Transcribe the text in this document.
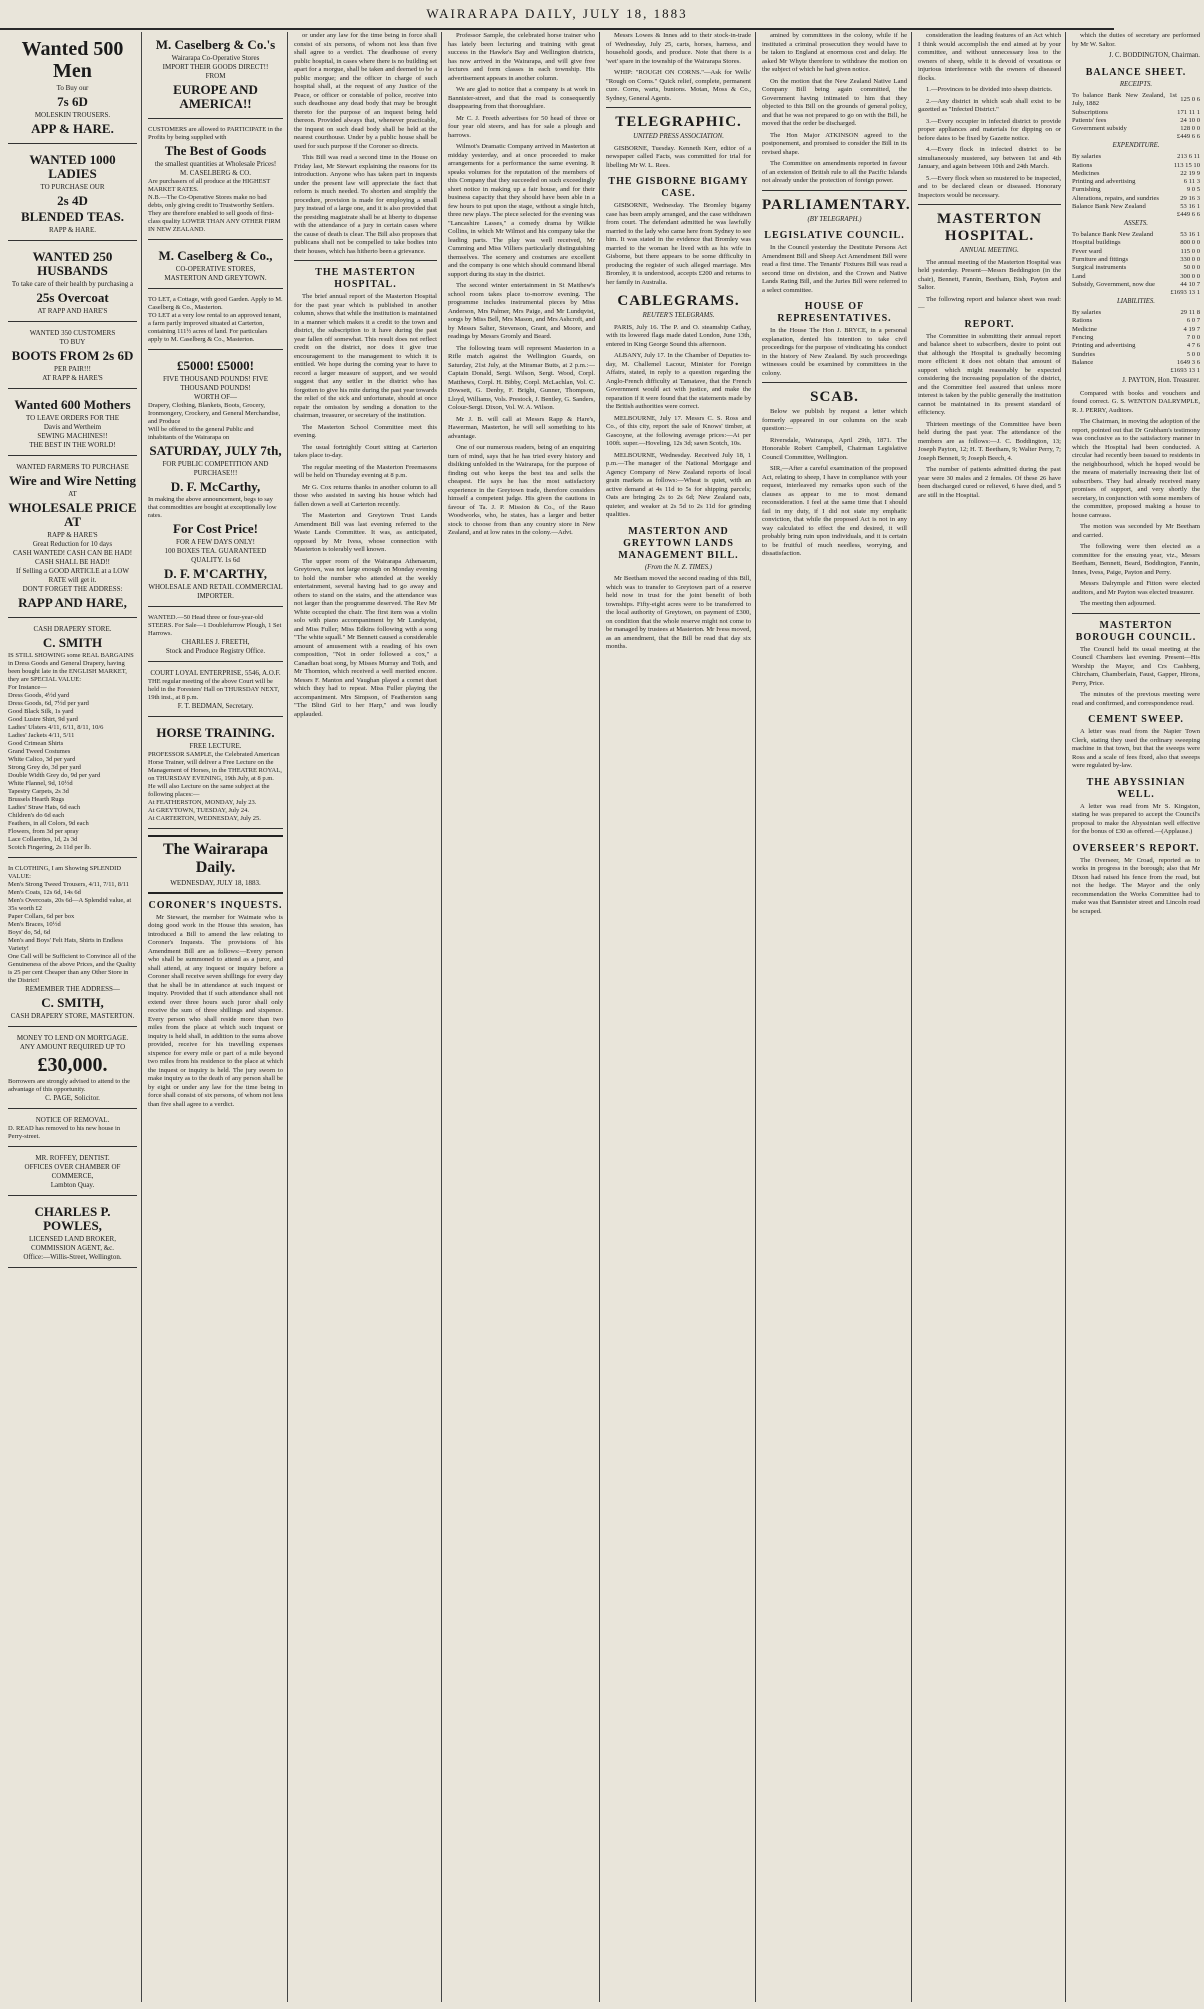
WAIRARAPA DAILY, JULY 18, 1883
Wanted 500 Men
To Buy our
7s 6D
MOLESKIN TROUSERS.
APP & HARE.
WANTED 1000 LADIES
TO PURCHASE OUR
2s 4D
BLENDED TEAS.
RAPP & HARE.
WANTED 250 HUSBANDS
To take care of their health by purchasing a
25s Overcoat
AT RAPP AND HARE'S
WANTED 350 CUSTOMERS
TO BUY
BOOTS FROM 2s 6D
PER PAIR!!!
AT RAPP & HARE'S
Wanted 600 Mothers
TO LEAVE ORDERS FOR THE
Davis and Wertheim
SEWING MACHINES!!
THE BEST IN THE WORLD!
WANTED FARMERS TO PURCHASE
Wire and Wire Netting
AT
WHOLESALE PRICE AT
RAPP & HARE'S
Great Reduction for 10 days
CASH WANTED! CASH CAN BE HAD!
CASH SHALL BE HAD!!
If Selling a GOOD ARTICLE at a LOW RATE will get it.
DON'T FORGET THE ADDRESS:
RAPP AND HARE,
CASH DRAPERY STORE.
C. SMITH
IS STILL SHOWING some REAL BARGAINS in Dress Goods and General Drapery, having been bought late in the ENGLISH MARKET, they are SPECIAL VALUE:
For Instance—
Dress Goods, 4½d yard
Dress Goods, 6d, 7½d per yard
Good Black Silk, 1s yard
Good Lustre Shirt, 9d yard
Ladies' Ulsters 4/11, 6/11, 8/11, 10/6
Ladies' Jackets 4/11, 5/11
Good Crimean Shirts
Grand Tweed Costumes
White Calico, 3d per yard
Strong Grey do, 3d per yard
Double Width Grey do, 9d per yard
White Flannel, 9d, 10½d
Tapestry Carpets, 2s 3d
Brussels Hearth Rugs
Ladies' Straw Hats, 6d each
Children's do 6d each
Feathers, in all Colors, 9d each
Flowers, from 3d per spray
Lace Collarettes, 1d, 2s 3d
Scotch Fingering, 2s 11d per lb.
In CLOTHING, I am Showing SPLENDID VALUE:
Men's Strong Tweed Trousers, 4/11, 7/11, 8/11
Men's Coats, 12s 6d, 14s 6d
Men's Overcoats, 20s 6d—A Splendid value, at 35s worth £2
Paper Collars, 6d per box
Men's Braces, 10½d
Boys' do, 5d, 6d
Men's and Boys' Felt Hats, Shirts in Endless Variety!
One Call will be Sufficient to Convince all of the Genuineness of the above Prices, and the Quality is 25 per cent Cheaper than any Other Store in the District!
REMEMBER THE ADDRESS—
C. SMITH,
CASH DRAPERY STORE, MASTERTON.
MONEY TO LEND ON MORTGAGE.
ANY AMOUNT REQUIRED UP TO
£30,000.
Borrowers are strongly advised to attend to the advantage of this opportunity.
C. PAGE, Solicitor.
NOTICE OF REMOVAL.
D. READ has removed to his new house in Perry-street.
MR. ROFFEY, DENTIST.
OFFICES OVER CHAMBER OF COMMERCE,
Lambton Quay.
CHARLES P. POWLES,
LICENSED LAND BROKER,
COMMISSION AGENT, &c.
Office:—Willis-Street, Wellington.
M. Caselberg & Co.'s
Wairarapa Co-Operative Stores
IMPORT THEIR GOODS DIRECT!!
FROM
EUROPE AND AMERICA!!
CUSTOMERS are allowed to PARTICIPATE in the Profits by being supplied with
The Best of Goods
the smallest quantities at Wholesale Prices!
M. CASELBERG & CO.
Are purchasers of all produce at the HIGHEST MARKET RATES.
N.B.—The Co-Operative Stores make no bad debts, only giving credit to Trustworthy Settlers. They are therefore enabled to sell goods of first-class quality LOWER THAN ANY OTHER FIRM IN NEW ZEALAND.
M. Caselberg & Co.,
CO-OPERATIVE STORES,
MASTERTON AND GREYTOWN.
TO LET, a Cottage, with good Garden. Apply to M. Caselberg & Co., Masterton.
TO LET at a very low rental to an approved tenant, a farm partly improved situated at Carterton, containing 111½ acres of land. For particulars apply to M. Caselberg & Co., Masterton.
£5000! £5000!
FIVE THOUSAND POUNDS! FIVE THOUSAND POUNDS!
WORTH OF—
Drapery, Clothing, Blankets, Boots, Grocery, Ironmongery, Crockery, and General Merchandise, and Produce
Will be offered to the general Public and inhabitants of the Wairarapa on
SATURDAY, JULY 7th,
FOR PUBLIC COMPETITION AND PURCHASE!!!
D. F. McCarthy,
In making the above announcement, begs to say that commodities are bought at exceptionally low rates.
For Cost Price!
FOR A FEW DAYS ONLY!
100 BOXES TEA. GUARANTEED QUALITY. 1s 6d
D. F. M'CARTHY,
WHOLESALE AND RETAIL COMMERCIAL IMPORTER.
WANTED.—50 Head three or four-year-old STEERS. For Sale—1 Doublefurrow Plough, 1 Set Harrows.
CHARLES J. FREETH,
Stock and Produce Registry Office.
COURT LOYAL ENTERPRISE, 5546, A.O.F.
THE regular meeting of the above Court will be held in the Foresters' Hall on THURSDAY NEXT, 19th inst., at 8 p.m.
F. T. BEDMAN, Secretary.
HORSE TRAINING.
FREE LECTURE.
PROFESSOR SAMPLE, the Celebrated American Horse Trainer, will deliver a Free Lecture on the Management of Horses, in the THEATRE ROYAL, on THURSDAY EVENING, 19th July, at 8 p.m.
He will also Lecture on the same subject at the following places:—
At FEATHERSTON, MONDAY, July 23.
At GREYTOWN, TUESDAY, July 24.
At CARTERTON, WEDNESDAY, July 25.
The Wairarapa Daily.
WEDNESDAY, JULY 18, 1883.
CORONER'S INQUESTS.

Mr Stewart, the member for Waimate who is doing good work in the House this session, has introduced a Bill to amend the law relating to Coroner's Inquests. The provisions of his Amendment Bill are as follows:—Every person who shall be summoned to attend as a juror, and shall attend, at any inquest or inquiry before a Coroner shall receive seven shillings for every day that he shall be in attendance at such inquest or inquiry. Provided that if such attendance shall not extend over three hours such juror shall only receive the sum of three shillings and sixpence. Every person who shall reside more than two miles from the place at which such inquest or inquiry is held shall, in addition to the sums above provided, receive for his travelling expenses sixpence for every mile or part of a mile beyond two miles from his residence to the place at which the inquest or inquiry is held. The jury sworn to make inquiry as to the death of any person shall be by eight or under any law for the time being in force shall consist of six persons, of whom not less than five shall agree to a verdict.

or under any law for the time being in force shall consist of six persons, of whom not less than five shall agree to a verdict. The deadhouse of every public hospital, in cases where there is no building set apart for a morgue, shall be taken and deemed to be a public morgue; and the officer in charge of such hospital shall, at the request of any Justice of the Peace, or officer or constable of police, receive into such deadhouse any dead body that may be brought thereto for the purpose of an inquest being held thereon. Provided always that, whenever practicable, the inquest on such dead body shall be held at the nearest courthouse. Under by a public house shall be used for such purpose if the Coroner so directs.

This Bill was read a second time in the House on Friday last, Mr Stewart explaining the reasons for its introduction. Anyone who has taken part in inquests under the present law will appreciate the fact that reform is much needed. To shorten and simplify the procedure, provision is made for employing a small jury instead of a large one, and it is also provided that the presiding magistrate shall be at liberty to dispense with the attendance of a jury in certain cases where the cause of death is clear. The Bill also proposes that publicans shall not be compelled to take bodies into their houses, which has hitherto been a grievance.

THE MASTERTON HOSPITAL.

The brief annual report of the Masterton Hospital for the past year which is published in another column, shows that while the institution is maintained in a manner which makes it a credit to the town and district, the subscription to it have during the past year fallen off somewhat. This result does not reflect credit on the district, nor does it give true encouragement to the management to which it is entitled. We hope during the coming year to have to record a larger measure of support, and we would suggest that any settler in the district who has forgotten to give his mite during the past year towards the relief of the sick and unfortunate, should at once repair the omission by sending a donation to the chairman, treasurer, or secretary of the institution.

The Masterton School Committee meet this evening.

The usual fortnightly Court sitting at Carterton takes place to-day.

The regular meeting of the Masterton Freemasons will be held on Thursday evening at 8 p.m.

Mr G. Cox returns thanks in another column to all those who assisted in saving his house which had fallen down a well at Carterton recently.

The Masterton and Greytown Trust Lands Amendment Bill was last evening referred to the Waste Lands Committee. It was, as anticipated, opposed by Mr Ivess, whose connection with Masterton is tolerably well known.

The upper room of the Wairarapa Athenaeum, Greytown, was not large enough on Monday evening to hold the number who attended at the weekly entertainment, several having had to go away and others to stand on the stairs, and the attendance was not larger than the programme deserved. The Rev Mr White occupied the chair. The first item was a violin solo with piano accompaniment by Mr Lundqvist, and Miss Fuller; Miss Edkins following with a song "The white squall." Mr Bennett caused a considerable amount of amusement with a reading of his own composition, "Not in order followed a cox," a Canadian boat song, by Misses Murray and Toth, and Mr Thornton, which received a well merited encore. Messrs F. Manton and Vaughan played a cornet duet which they had to repeat. Miss Fuller playing the accompaniment. Mrs Simpson, of Featherston sang "The Blind Girl to her Harp," and was loudly applauded.

Professor Sample, the celebrated horse trainer who has lately been lecturing and training with great success in the Hawke's Bay and Wellington districts, has now arrived in the Wairarapa, and will give free lectures and form classes in each township. His advertisement appears in another column.

We are glad to notice that a company is at work in Bannister-street, and that the road is consequently disappearing from that thoroughfare.

Mr C. J. Freeth advertises for 50 head of three or four year old steers, and has for sale a plough and harrows.

Wilmot's Dramatic Company arrived in Masterton at midday yesterday, and at once proceeded to make arrangements for a performance the same evening. It speaks volumes for the reputation of the members of this Company that they succeeded on such exceedingly short notice in making up a fair house, and for their business capacity that they should have been able in a few hours to put upon the stage, without a single hitch, three new plays. The piece selected for the evening was "Lancashire Lasses," a comedy drama by Wilkie Collins, in which Mr Wilmot and his company take the leading parts. The play was well received, Mr Cumming and Miss Villiers particularly distinguishing themselves. The scenery and costumes are excellent and the company is one which should command liberal support during its stay in the district.

The second winter entertainment in St Matthew's school room takes place to-morrow evening. The programme includes instrumental pieces by Miss Anderson, Mrs Palmer, Mrs Paige, and Mr Lundqvist, songs by Miss Bell, Mrs Mason, and Mrs Ashcroft, and by Messrs Salter, Stevenson, Grant, and Moore, and readings by Messrs Gromly and Beard.

The following team will represent Masterton in a Rifle match against the Wellington Guards, on Saturday, 21st July, at the Miramar Butts, at 2 p.m.:—Captain Donald, Sergt. Wilson, Sergt. Wood, Corpl. Matthews, Corpl. H. Bibby, Corpl. McLachlan, Vol. C. Dowsett, G. Denby, F. Bright, Gunner, Thompson, Lloyd, Williams, Vols. Prestock, J. Bentley, G. Sanders, Colour-Sergt. Dixon, Vol. W. A. Wilson.

Mr J. B. will call at Messrs Rapp & Hare's, Hawerman, Masterton, he will sell something to his advantage.

One of our numerous readers, being of an enquiring turn of mind, says that he has tried every history and disliking unfolded in the Wairarapa, for the purpose of finding out who keeps the best tea and sells the cheapest. He says he has the most satisfactory experience in the Greytown trade, therefore considers himself a competent judge. His given the cautions in favour of Ta. J. P. Mission & Co., of the Rauo Woodworks, who, he states, has a larger and better stock to choose from than any country store in New Zealand, and at low rates in the colony.—Advt.

Messrs Lowes & Innes add to their stock-in-trade of Wednesday, July 25, carts, horses, harness, and household goods, and produce. Note that there is a 'wet' spare in the township of the Wairarapa Stores.

WHIP: "ROUGH ON CORNS."—Ask for Wells' "Rough on Corns." Quick relief, complete, permanent cure. Corns, warts, bunions. Motan, Moss & Co., Sydney, General Agents.

TELEGRAPHIC.
UNITED PRESS ASSOCIATION.

GISBORNE, Tuesday. Kenneth Kerr, editor of a newspaper called Facts, was committed for trial for libelling Mr W. L. Rees.

THE GISBORNE BIGAMY CASE.

GISBORNE, Wednesday. The Bromley bigamy case has been amply arranged, and the case withdrawn from court. The defendant admitted he was lawfully married to the lady who came here from Sydney to see him. It was stated in the evidence that Bromley was married to the woman he lived with as his wife in Gisborne, but there appears to be some difficulty in producing the register of such alleged marriage. Mrs Bromley, it is understood, accepts £200 and returns to her family in Australia.

CABLEGRAMS.
REUTER'S TELEGRAMS.

PARIS, July 16. The P. and O. steamship Cathay, with its lowered flags made dated London, June 13th, entered in King George Sound this afternoon.

ALBANY, July 17. In the Chamber of Deputies to-day, M. Challemel Lacour, Minister for Foreign Affairs, stated, in reply to a question regarding the Anglo-French difficulty at Tamatave, that the French Government would act with justice, and make the reparation if it were found that the statements made by the British authorities were correct.

MELBOURNE, July 17. Messrs C. S. Ross and Co., of this city, report the sale of Knows' timber, at Gascoyne, at the following average prices:—At per 100ft. super.—Hoveling, 12s 3d; sawn Scotch, 10s.

MELBOURNE, Wednesday. Received July 18, 1 p.m.—The manager of the National Mortgage and Agency Company of New Zealand reports of local grain markets as follows:—Wheat is quiet, with an active demand at 4s 11d to 5s for shipping parcels; Oats are bringing 2s to 2s 6d; New Zealand oats, quieter, and weaker at 2s 5d to 2s 11d for grinding qualities.

MASTERTON AND GREYTOWN LANDS MANAGEMENT BILL.
(From the N. Z. TIMES.)

Mr Beetham moved the second reading of this Bill, which was to transfer to Greytown part of a reserve held now in trust for the joint benefit of both townships. Fifty-eight acres were to be transferred to the local authority of Greytown, on payment of £300, on condition that the whole reserve might not come to be managed by trustees at Masterton. Mr Ivess moved, as an amendment, that the Bill be read that day six months.

amined by committees in the colony, while if he instituted a criminal prosecution they would have to be taken to England at enormous cost and delay. He asked Mr Whyte therefore to withdraw the motion on the subject of which he had given notice.

On the motion that the New Zealand Native Land Company Bill being again committed, the Government having intimated to him that they objected to this Bill on the grounds of general policy, and that he was not prepared to go on with the Bill, he moved that the order be discharged.

The Hon Major ATKINSON agreed to the postponement, and promised to consider the Bill in its revised shape.

The Committee on amendments reported in favour of an extension of British rule to all the Pacific Islands not already under the protection of foreign power.

PARLIAMENTARY.
(BY TELEGRAPH.)
LEGISLATIVE COUNCIL.

In the Council yesterday the Destitute Persons Act Amendment Bill and Sheep Act Amendment Bill were read a first time. The Tenants' Fixtures Bill was read a second time on division, and the Crown and Native Lands Rating Bill, and the Juries Bill were referred to a select committee.

HOUSE OF REPRESENTATIVES.

In the House The Hon J. BRYCE, in a personal explanation, denied his intention to take civil proceedings for the purpose of vindicating his conduct in the history of New Zealand. By such proceedings witnesses could be examined by committees in the colony.

SCAB.

Below we publish by request a letter which formerly appeared in our columns on the scab question:—

Riversdale, Wairarapa, April 29th, 1871. The Honorable Robert Campbell, Chairman Legislative Council Committee, Wellington.

SIR,—After a careful examination of the proposed Act, relating to sheep, I have in compliance with your request, interleaved my remarks upon such of the clauses as appear to me to most demand reconsideration. I feel at the same time that I should fail in my duty, if I did not state my emphatic conviction, that while the proposed Act is not in any way calculated to effect the end desired, it will probably bring ruin upon individuals, and it is certain to be fruitful of much needless, worrying, and dissatisfaction.

consideration the leading features of an Act which I think would accomplish the end aimed at by your committee, and without unnecessary loss to the owners of sheep, while it is devoid of vexatious or injurious interference with the owners of diseased flocks.

1.—Provinces to be divided into sheep districts.

2.—Any district in which scab shall exist to be gazetted as "Infected District."

3.—Every occupier in infected district to provide proper appliances and materials for dipping on or before dates to be fixed by Gazette notice.

4.—Every flock in infected district to be simultaneously mustered, say between 1st and 4th January, and again between 10th and 24th March.

5.—Every flock when so mustered to be inspected, and to be declared clean or diseased. Honorary Inspectors would be necessary.

MASTERTON HOSPITAL.
ANNUAL MEETING.

The annual meeting of the Masterton Hospital was held yesterday. Present—Messrs Beddington (in the chair), Bennett, Fannin, Beetham, Bish, Payton and Saltor.

The following report and balance sheet was read:—

REPORT.

The Committee in submitting their annual report and balance sheet to subscribers, desire to point out that although the Hospital is gradually becoming more efficient it does not obtain that amount of support which might reasonably be expected considering the increasing population of the district, and the Committee feel assured that unless more interest is taken by the public generally the institution cannot be maintained in its present standard of efficiency.

Thirteen meetings of the Committee have been held during the past year. The attendance of the members are as follows:—J. C. Boddington, 13; Joseph Payton, 12; H. T. Beetham, 9; Walter Perry, 7; Joseph Bennett, 9; Joseph Beech, 4.

The number of patients admitted during the past year were 30 males and 2 females. Of these 26 have been discharged cured or relieved, 6 have died, and 5 are still in the Hospital.

which the duties of secretary are performed by Mr W. Saltor.

J. C. BODDINGTON, Chairman.
BALANCE SHEET.
RECEIPTS.
To balance Bank New Zealand, 1st July, 1882	125 0 6
Subscriptions	171 11 1
Patients' fees	24 10 0
Government subsidy	128 0 0
	£449 6 6
EXPENDITURE.
By salaries	213 6 11
Rations	113 15 10
Medicines	22 19 9
Printing and advertising	6 11 3
Furnishing	9 0 5
Alterations, repairs, and sundries	29 16 3
Balance Bank New Zealand	53 16 1
	£449 6 6
ASSETS.
To balance Bank New Zealand	53 16 1
Hospital buildings	800 0 0
Fever ward	115 0 0
Furniture and fittings	330 0 0
Surgical instruments	50 0 0
Land	300 0 0
Subsidy, Government, now due	44 10 7
	£1693 13 1
LIABILITIES.
By salaries	29 11 8
Rations	6 0 7
Medicine	4 19 7
Fencing	7 0 0
Printing and advertising	4 7 6
Sundries	5 0 0
Balance	1649 3 6
	£1693 13 1
J. PAYTON, Hon. Treasurer.

Compared with books and vouchers and found correct. G. S. WENTON DALRYMPLE, R. J. PERRY, Auditors.

The Chairman, in moving the adoption of the report, pointed out that Dr Grabham's testimony was conclusive as to the satisfactory manner in which the Hospital had been conducted. A circular had recently been issued to residents in the neighbourhood, which he hoped would be the means of materially increasing their list of subscribers. They had already received many promises of support, and very shortly the secretary, in conjunction with some members of the committee, proposed making a house to house canvass.

The motion was seconded by Mr Beetham and carried.

The following were then elected as a committee for the ensuing year, viz., Messrs Beetham, Bennett, Beard, Boddington, Fannin, Innes, Ivess, Paige, Payton and Perry.

Messrs Dalrymple and Fitton were elected auditors, and Mr Payton was elected treasurer.

The meeting then adjourned.

MASTERTON BOROUGH COUNCIL.

The Council held its usual meeting at the Council Chambers last evening. Present—His Worship the Mayor, and Crs Cashberg, Chircham, Chamberlain, Faust, Gapper, Hirons, Perry, Price.

The minutes of the previous meeting were read and confirmed, and correspondence read.

CEMENT SWEEP.

A letter was read from the Napier Town Clerk, stating they used the ordinary sweeping machine in that town, but that the sweeps were Ross and a scale of fees fixed, also that sweeps were regulated by-law.

THE ABYSSINIAN WELL.

A letter was read from Mr S. Kingston, stating he was prepared to accept the Council's proposal to make the Abyssinian well effective for the bonus of £30 as offered.—(Applause.)

OVERSEER'S REPORT.

The Overseer, Mr Croad, reported as to works in progress in the borough; also that Mr Dixon had raised his fence from the road, but not the hedge. The Mayor and the only recommendation the Works Committee had to make was that Bannister street and Lincoln road be scraped.
